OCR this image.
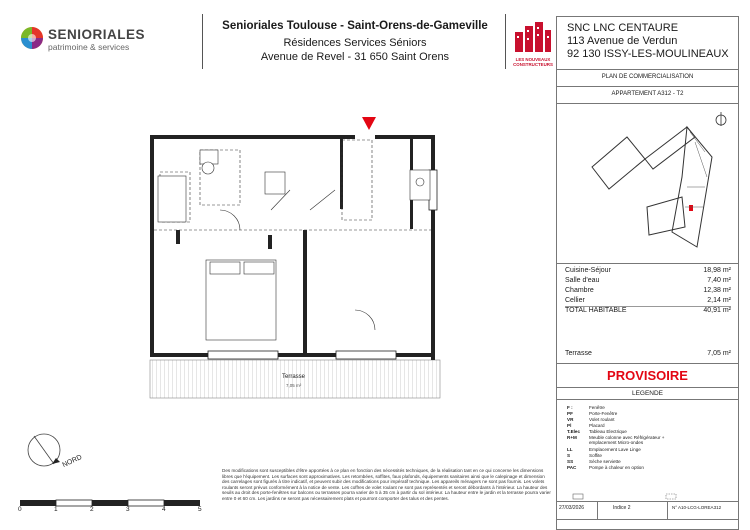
SENIORIALES
patrimoine & services
Senioriales Toulouse - Saint-Orens-de-Gameville
Résidences Services Séniors
Avenue de Revel - 31 650 Saint Orens	LES NOUVEAUX CONSTRUCTEURS
SNC LNC CENTAURE
113 Avenue de Verdun
92 130 ISSY-LES-MOULINEAUX
PLAN DE COMMERCIALISATION
APPARTEMENT A312 - T2
Cuisine-Séjour	18,98 m²
Salle d'eau	7,40 m²
Chambre	12,38 m²
Cellier	2,14 m²
TOTAL HABITABLE	40,91 m²
Terrasse	7,05 m²
PROVISOIRE
LEGENDE
F :	Fenêtre
PF	Porte-Fenêtre
VR	Volet roulant
Pl	Placard
T.Elec	Tableau Electrique
R+M	Meuble colonne avec Réfrigérateur + emplacement Micro-ondes
LL	Emplacement Lave Linge
S	Soffite
SS	Sèche serviette
PAC	Pompe à chaleur en option
27/03/2026	Indice 2	N° A10-LCG-LOREA312
Terrasse
7,05 m²
NORD
0	1	2	3	4	5
Des modifications sont susceptibles d'être apportées à ce plan en fonction des nécessités techniques, de la réalisation tant en ce qui concerne les dimensions libres que l'équipement. Les surfaces sont approximatives. Les retombées, soffites, faux plafonds, équipements sanitaires ainsi que le calepinage et dimension des carrelages sont figurés à titre indicatif, et peuvent subir des modifications pour impératif technique. Les appareils ménagers ne sont pas fournis. Les volets roulants seront prévus conformément à la notice de vente. Les coffres de volet roulant ne sont pas représentés et seront débordants à l'intérieur. La hauteur des seuils au droit des porte-fenêtres sur balcons ou terrasses pourra varier de 5 à 35 cm à partir du sol intérieur. La hauteur entre le jardin et la terrasse pourra varier entre 0 et 60 cm. Les jardins ne seront pas nécessairement plats et pourront comporter des talus et des pentes.
